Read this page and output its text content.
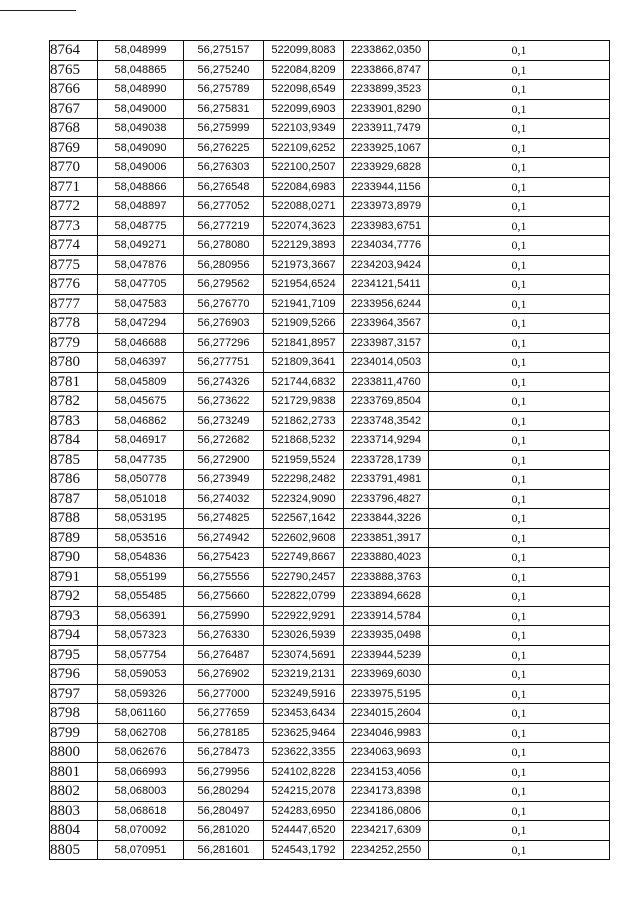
8764	58,048999	56,275157	522099,8083	2233862,0350	0,1
8765	58,048865	56,275240	522084,8209	2233866,8747	0,1
8766	58,048990	56,275789	522098,6549	2233899,3523	0,1
8767	58,049000	56,275831	522099,6903	2233901,8290	0,1
8768	58,049038	56,275999	522103,9349	2233911,7479	0,1
8769	58,049090	56,276225	522109,6252	2233925,1067	0,1
8770	58,049006	56,276303	522100,2507	2233929,6828	0,1
8771	58,048866	56,276548	522084,6983	2233944,1156	0,1
8772	58,048897	56,277052	522088,0271	2233973,8979	0,1
8773	58,048775	56,277219	522074,3623	2233983,6751	0,1
8774	58,049271	56,278080	522129,3893	2234034,7776	0,1
8775	58,047876	56,280956	521973,3667	2234203,9424	0,1
8776	58,047705	56,279562	521954,6524	2234121,5411	0,1
8777	58,047583	56,276770	521941,7109	2233956,6244	0,1
8778	58,047294	56,276903	521909,5266	2233964,3567	0,1
8779	58,046688	56,277296	521841,8957	2233987,3157	0,1
8780	58,046397	56,277751	521809,3641	2234014,0503	0,1
8781	58,045809	56,274326	521744,6832	2233811,4760	0,1
8782	58,045675	56,273622	521729,9838	2233769,8504	0,1
8783	58,046862	56,273249	521862,2733	2233748,3542	0,1
8784	58,046917	56,272682	521868,5232	2233714,9294	0,1
8785	58,047735	56,272900	521959,5524	2233728,1739	0,1
8786	58,050778	56,273949	522298,2482	2233791,4981	0,1
8787	58,051018	56,274032	522324,9090	2233796,4827	0,1
8788	58,053195	56,274825	522567,1642	2233844,3226	0,1
8789	58,053516	56,274942	522602,9608	2233851,3917	0,1
8790	58,054836	56,275423	522749,8667	2233880,4023	0,1
8791	58,055199	56,275556	522790,2457	2233888,3763	0,1
8792	58,055485	56,275660	522822,0799	2233894,6628	0,1
8793	58,056391	56,275990	522922,9291	2233914,5784	0,1
8794	58,057323	56,276330	523026,5939	2233935,0498	0,1
8795	58,057754	56,276487	523074,5691	2233944,5239	0,1
8796	58,059053	56,276902	523219,2131	2233969,6030	0,1
8797	58,059326	56,277000	523249,5916	2233975,5195	0,1
8798	58,061160	56,277659	523453,6434	2234015,2604	0,1
8799	58,062708	56,278185	523625,9464	2234046,9983	0,1
8800	58,062676	56,278473	523622,3355	2234063,9693	0,1
8801	58,066993	56,279956	524102,8228	2234153,4056	0,1
8802	58,068003	56,280294	524215,2078	2234173,8398	0,1
8803	58,068618	56,280497	524283,6950	2234186,0806	0,1
8804	58,070092	56,281020	524447,6520	2234217,6309	0,1
8805	58,070951	56,281601	524543,1792	2234252,2550	0,1
